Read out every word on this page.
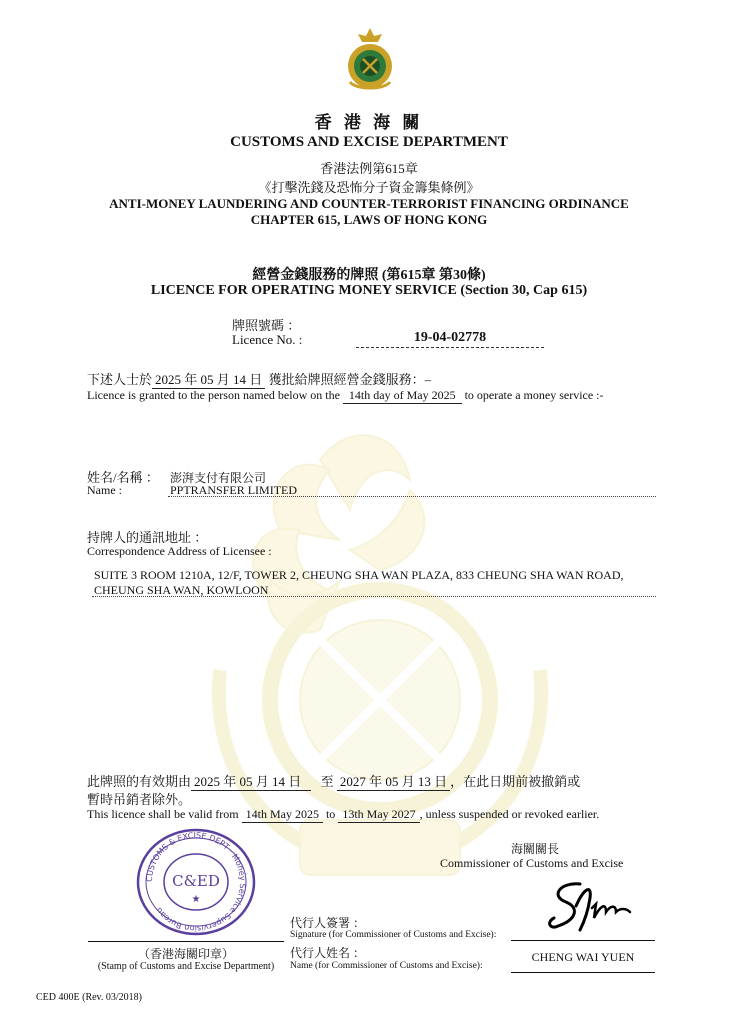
香 港 海 關
CUSTOMS AND EXCISE DEPARTMENT
香港法例第615章
《打擊洗錢及恐怖分子資金籌集條例》
ANTI-MONEY LAUNDERING AND COUNTER-TERRORIST FINANCING ORDINANCE
CHAPTER 615, LAWS OF HONG KONG
經營金錢服務的牌照 (第615章 第30條)
LICENCE FOR OPERATING MONEY SERVICE (Section 30, Cap 615)
牌照號碼 ：
Licence No. :	19-04-02778
下述人士於 2025 年 05 月 14 日 獲批給牌照經營金錢服務：–
Licence is granted to the person named below on the 14th day of May 2025 to operate a money service :-
姓名/名稱 ：
Name :
澎湃支付有限公司
PPTRANSFER LIMITED
持牌人的通訊地址 ：
Correspondence Address of Licensee :
SUITE 3 ROOM 1210A, 12/F, TOWER 2, CHEUNG SHA WAN PLAZA, 833 CHEUNG SHA WAN ROAD,
CHEUNG SHA WAN, KOWLOON
此牌照的有效期由 2025 年 05 月 14 日 至 2027 年 05 月 13 日 ，在此日期前被撤銷或
暫時吊銷者除外。
This licence shall be valid from 14th May 2025 to 13th May 2027 , unless suspended or revoked earlier.
海關關長
Commissioner of Customs and Excise
CUSTOMS & EXCISE DEPT · Money Service Supervision Bureau
C&ED
★
（香港海關印章）
(Stamp of Customs and Excise Department)
代行人簽署 ：
Signature (for Commissioner of Customs and Excise):
代行人姓名 ：
Name (for Commissioner of Customs and Excise):
CHENG WAI YUEN
CED 400E (Rev. 03/2018)
